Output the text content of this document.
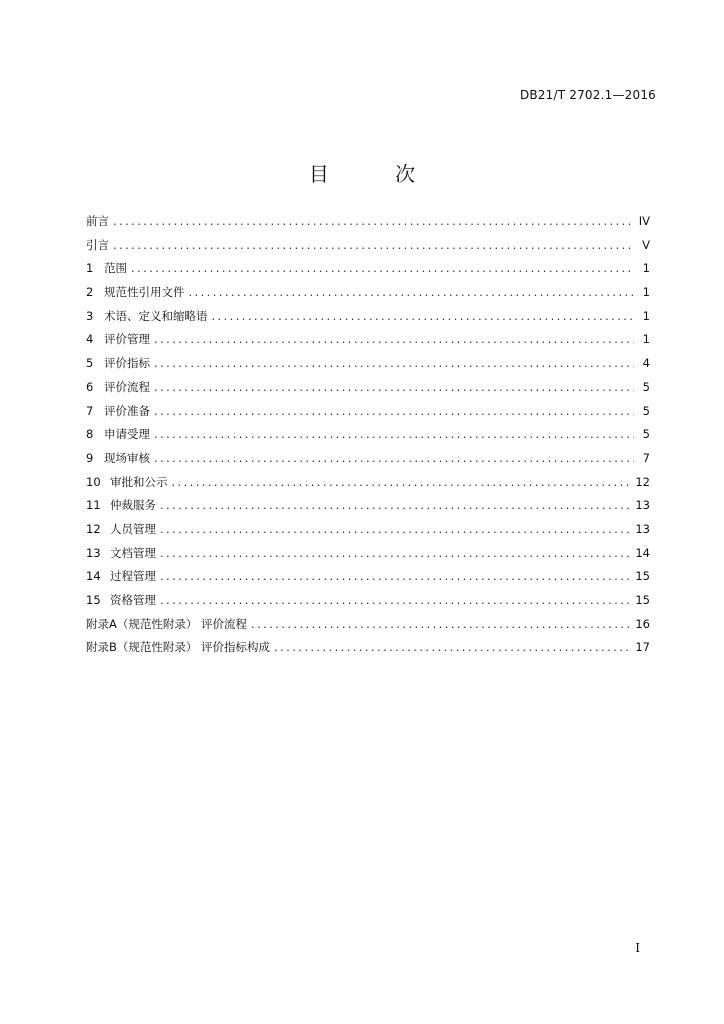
DB21/T 2702.1—2016
目 次
前言 .....	IV
引言 .....	V
1 范围 .....	1
2 规范性引用文件 .....	1
3 术语、定义和缩略语 .....	1
4 评价管理 .....	1
5 评价指标 .....	4
6 评价流程 .....	5
7 评价准备 .....	5
8 申请受理 .....	5
9 现场审核 .....	7
10 审批和公示 .....	12
11 仲裁服务 .....	13
12 人员管理 .....	13
13 文档管理 .....	14
14 过程管理 .....	15
15 资格管理 .....	15
附录A（规范性附录） 评价流程 .....	16
附录B（规范性附录） 评价指标构成 .....	17
I
